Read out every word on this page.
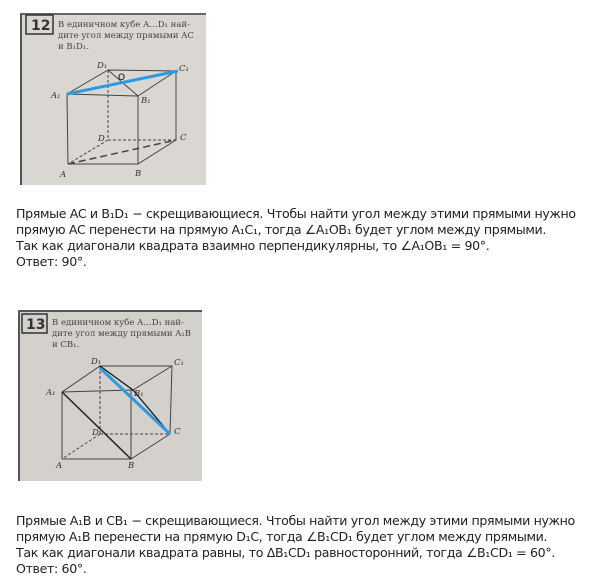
12 В единичном кубе A…D₁ най-
дите угол между прямыми AC
и B₁D₁.
A	B
C
D
A₁	B₁
C₁
D₁
O

Прямые AC и B₁D₁ − скрещивающиеся. Чтобы найти угол между этими прямыми нужно

прямую AC перенести на прямую A₁C₁, тогда ∠A₁OB₁ будет углом между прямыми.

Так как диагонали квадрата взаимно перпендикулярны, то ∠A₁OB₁ = 90°.

Ответ: 90°.

13 В единичном кубе A…D₁ най-
дите угол между прямыми A₁B
и CB₁.
A	B
C
D
A₁	B₁
C₁
D₁

Прямые A₁B и CB₁ − скрещивающиеся. Чтобы найти угол между этими прямыми нужно

прямую A₁B перенести на прямую D₁C, тогда ∠B₁CD₁ будет углом между прямыми.

Так как диагонали квадрата равны, то ΔB₁CD₁ равносторонний, тогда ∠B₁CD₁ = 60°.

Ответ: 60°.
